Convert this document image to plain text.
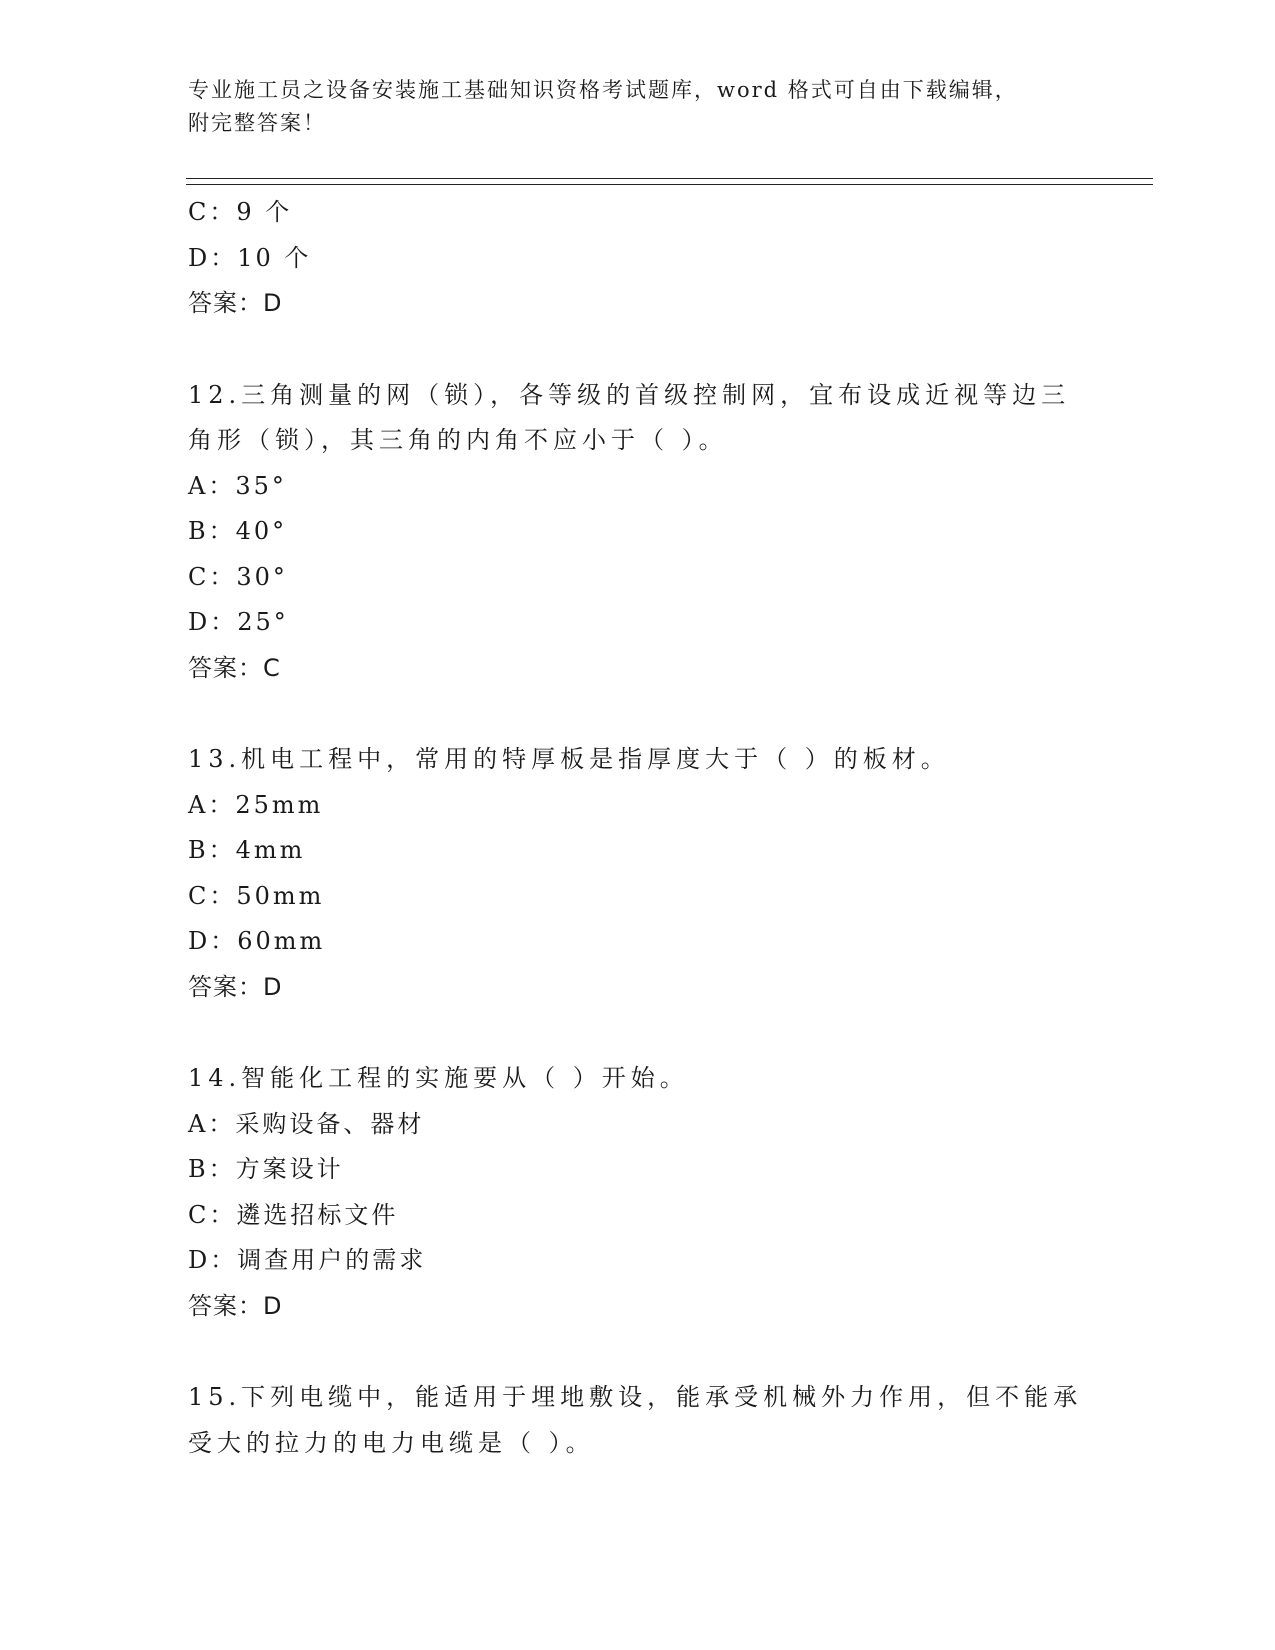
专业施工员之设备安装施工基础知识资格考试题库，word 格式可自由下载编辑，
附完整答案！
C：9 个
D：10 个
答案：D
12.三角测量的网（锁），各等级的首级控制网，宜布设成近视等边三
角形（锁），其三角的内角不应小于（ ）。
A：35°
B：40°
C：30°
D：25°
答案：C
13.机电工程中，常用的特厚板是指厚度大于（ ）的板材。
A：25mm
B：4mm
C：50mm
D：60mm
答案：D
14.智能化工程的实施要从（ ）开始。
A：采购设备、器材
B：方案设计
C：遴选招标文件
D：调查用户的需求
答案：D
15.下列电缆中，能适用于埋地敷设，能承受机械外力作用，但不能承
受大的拉力的电力电缆是（ ）。
